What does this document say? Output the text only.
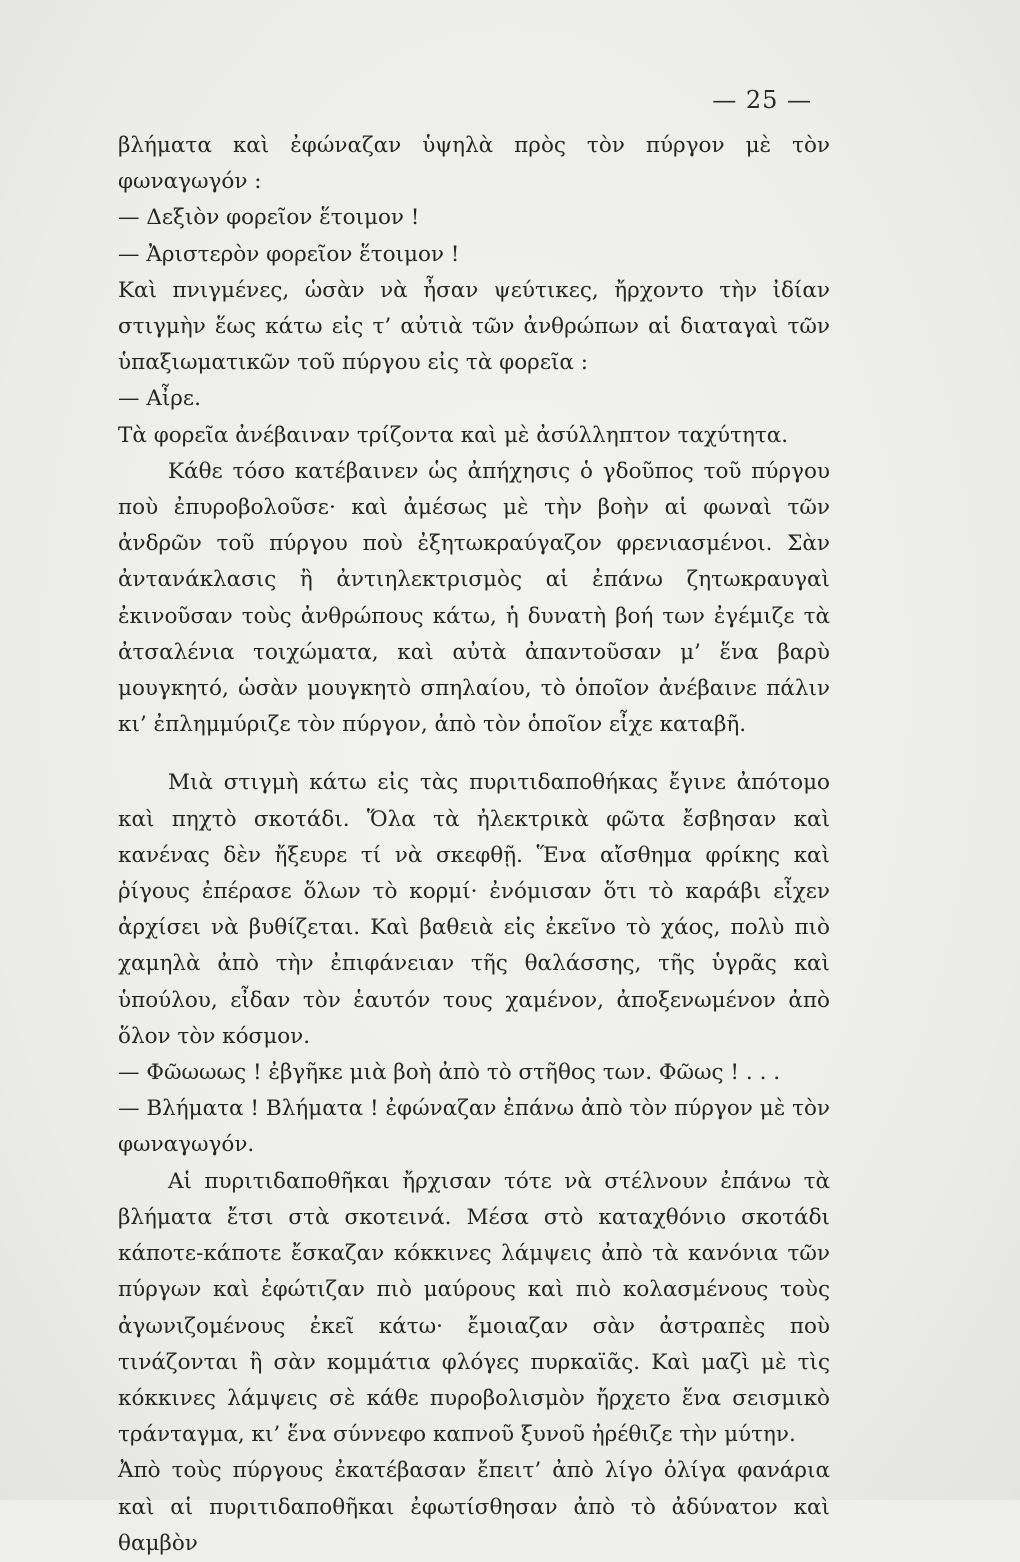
— 25 —

βλήματα καὶ ἐφώναζαν ὑψηλὰ πρὸς τὸν πύργον μὲ τὸν φωναγωγόν :

— Δεξιὸν φορεῖον ἕτοιμον !

— Ἀριστερὸν φορεῖον ἕτοιμον !

Καὶ πνιγμένες, ὡσὰν νὰ ἦσαν ψεύτικες, ἤρχοντο τὴν ἰδίαν στιγμὴν ἕως κάτω εἰς τ’ αὐτιὰ τῶν ἀνθρώπων αἱ διαταγαὶ τῶν ὑπαξιωματικῶν τοῦ πύργου εἰς τὰ φορεῖα :

— Αἶρε.

Τὰ φορεῖα ἀνέβαιναν τρίζοντα καὶ μὲ ἀσύλληπτον ταχύτητα.

Κάθε τόσο κατέβαινεν ὡς ἀπήχησις ὁ γδοῦπος τοῦ πύργου ποὺ ἐπυροβολοῦσε· καὶ ἀμέσως μὲ τὴν βοὴν αἱ φωναὶ τῶν ἀνδρῶν τοῦ πύργου ποὺ ἐξητωκραύγαζον φρενιασμένοι. Σὰν ἀντανάκλασις ἢ ἀντιηλεκτρισμὸς αἱ ἐπάνω ζητωκραυγαὶ ἐκινοῦσαν τοὺς ἀνθρώπους κάτω, ἡ δυνατὴ βοή των ἐγέμιζε τὰ ἀτσαλένια τοιχώματα, καὶ αὐτὰ ἀπαντοῦσαν μ’ ἕνα βαρὺ μουγκητό, ὡσὰν μουγκητὸ σπηλαίου, τὸ ὁποῖον ἀνέβαινε πάλιν κι’ ἐπλημμύριζε τὸν πύργον, ἀπὸ τὸν ὁποῖον εἶχε καταβῆ.

Μιὰ στιγμὴ κάτω εἰς τὰς πυριτιδαποθήκας ἔγινε ἀπότομο καὶ πηχτὸ σκοτάδι. Ὅλα τὰ ἠλεκτρικὰ φῶτα ἔσβησαν καὶ κανένας δὲν ἤξευρε τί νὰ σκεφθῇ. Ἕνα αἴσθημα φρίκης καὶ ῥίγους ἐπέρασε ὅλων τὸ κορμί· ἐνόμισαν ὅτι τὸ καράβι εἶχεν ἀρχίσει νὰ βυθίζεται. Καὶ βαθειὰ εἰς ἐκεῖνο τὸ χάος, πολὺ πιὸ χαμηλὰ ἀπὸ τὴν ἐπιφάνειαν τῆς θαλάσσης, τῆς ὑγρᾶς καὶ ὑπούλου, εἶδαν τὸν ἑαυτόν τους χαμένον, ἀποξενωμένον ἀπὸ ὅλον τὸν κόσμον.

— Φῶωωως ! ἐβγῆκε μιὰ βοὴ ἀπὸ τὸ στῆθος των. Φῶως ! . . .

— Βλήματα ! Βλήματα ! ἐφώναζαν ἐπάνω ἀπὸ τὸν πύργον μὲ τὸν φωναγωγόν.

Αἱ πυριτιδαποθῆκαι ἤρχισαν τότε νὰ στέλνουν ἐπάνω τὰ βλήματα ἔτσι στὰ σκοτεινά. Μέσα στὸ καταχθόνιο σκοτάδι κάποτε-κάποτε ἔσκαζαν κόκκινες λάμψεις ἀπὸ τὰ κανόνια τῶν πύργων καὶ ἐφώτιζαν πιὸ μαύρους καὶ πιὸ κολασμένους τοὺς ἀγωνιζομένους ἐκεῖ κάτω· ἔμοιαζαν σὰν ἀστραπὲς ποὺ τινάζονται ἢ σὰν κομμάτια φλόγες πυρκαϊᾶς. Καὶ μαζὶ μὲ τὶς κόκκινες λάμψεις σὲ κάθε πυροβολισμὸν ἤρχετο ἕνα σεισμικὸ τράνταγμα, κι’ ἕνα σύννεφο καπνοῦ ξυνοῦ ἠρέθιζε τὴν μύτην.

Ἀπὸ τοὺς πύργους ἐκατέβασαν ἔπειτ’ ἀπὸ λίγο ὀλίγα φανάρια καὶ αἱ πυριτιδαποθῆκαι ἐφωτίσθησαν ἀπὸ τὸ ἀδύνατον καὶ θαμβὸν
